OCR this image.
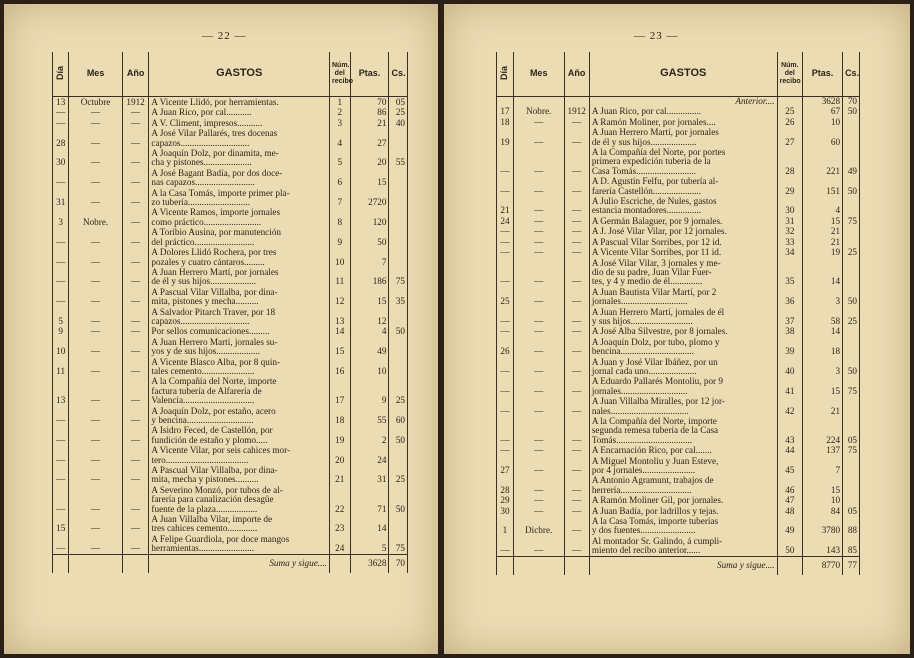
— 22 —
Día	Mes	Año	GASTOS	Núm. del recibo	Ptas.	Cs.
13	Octubre	1912	A Vicente Llidó, por herramientas.	1	70	05
—	—	—	A Juan Rico, por cal...........	2	86	25
—	—	—	A V. Climent, impresos...........	3	21	40
28	—	—	A José Vilar Pallarés, tres docenas
capazos..............................	4	27	
30	—	—	A Joaquín Dolz, por dinamita, me-
cha y pistones.....................	5	20	55
—	—	—	A José Bagant Badía, por dos doce-
nas capazos..........................	6	15	
31	—	—	A la Casa Tomás, importe primer pla-
zo tubería...........................	7	2720	
3	Nobre.	—	A Vicente Ramos, importe jornales
como práctico.........................	8	120	
—	—	—	A Toribio Ausina, por manutención
del práctico..........................	9	50	
—	—	—	A Dolores Llidó Rochera, por tres
pozales y cuatro cántaros.........	10	7	
—	—	—	A Juan Herrero Martí, por jornales
de él y sus hijos....................	11	186	75
—	—	—	A Pascual Vilar Villalba, por dina-
mita, pistones y mecha..........	12	15	35
5	—	—	A Salvador Pitarch Traver, por 18
capazos..............................	13	12	
9	—	—	Por sellos comunicaciones.........	14	4	50
10	—	—	A Juan Herrero Martí, jornales su-
yos y de sus hijos...................	15	49	
11	—	—	A Vicente Blasco Alba, por 8 quin-
tales cemento.......................	16	10	
13	—	—	A la Compañía del Norte, importe
factura tubería de Alfarería de
Valencia...............................	17	9	25
—	—	—	A Joaquín Dolz, por estaño, acero
y bencina.............................	18	55	60
—	—	—	A Isidro Feced, de Castellón, por
fundición de estaño y plomo.....	19	2	50
—	—	—	A Vicente Vilar, por seis cahices mor-
tero....................................	20	24	
—	—	—	A Pascual Vilar Villalba, por dina-
mita, mecha y pistones..........	21	31	25
—	—	—	A Severino Monzó, por tubos de al-
farería para canalización desagüe
fuente de la plaza..................	22	71	50
15	—	—	A Juan Villalba Vilar, importe de
tres cahices cemento.............	23	14	
—	—	—	A Felipe Guardiola, por doce mangos
herramientas........................	24	5	75
			Suma y sigue....		3628	70
— 23 —
Día	Mes	Año	GASTOS	Núm. del recibo	Ptas.	Cs.
			Anterior....		3628	70
17	Nobre.	1912	A Juan Rico, por cal...............	25	67	50
18	—	—	A Ramón Moliner, por jornales....	26	10	
19	—	—	A Juan Herrero Martí, por jornales
de él y sus hijos....................	27	60	
—	—	—	A la Compañía del Norte, por portes
primera expedición tubería de la
Casa Tomás..........................	28	221	49
—	—	—	A D. Agustín Felfu, por tubería al-
farería Castellón.....................	29	151	50
21	—	—	A Julio Escriche, de Nules, gastos
estancia montadores...............	30	4	
24	—	—	A Germán Balaguer, por 9 jornales.	31	15	75
—	—	—	A J. José Vilar Vilar, por 12 jornales.	32	21	
—	—	—	A Pascual Vilar Sorribes, por 12 id.	33	21	
—	—	—	A Vicente Vilar Sorribes, por 11 id.	34	19	25
—	—	—	A José Vilar Vilar, 3 jornales y me-
dio de su padre, Juan Vilar Fuer-
tes, y 4 y medio de él..............	35	14	
25	—	—	A Juan Bautista Vilar Martí, por 2
jornales.............................	36	3	50
—	—	—	A Juan Herrero Martí, jornales de él
y sus hijos...........................	37	58	25
—	—	—	A José Alba Silvestre, por 8 jornales.	38	14	
26	—	—	A Joaquín Dolz, por tubo, plomo y
bencina................................	39	18	
—	—	—	A Juan y José Vilar Ibáñez, por un
jornal cada uno.....................	40	3	50
—	—	—	A Eduardo Pallarés Montolíu, por 9
jornales.............................	41	15	75
—	—	—	A Juan Villalba Miralles, por 12 jor-
nales..................................	42	21	
—	—	—	A la Compañía del Norte, importe
segunda remesa tubería de la Casa
Tomás.................................	43	224	05
—	—	—	A Encarnación Rico, por cal.......	44	137	75
27	—	—	A Miguel Montoliu y Juan Esteve,
por 4 jornales.......................	45	7	
28	—	—	A Antonio Agramunt, trabajos de
herrería...............................	46	15	
29	—	—	A Ramón Moliner Gil, por jornales.	47	10	
30	—	—	A Juan Badía, por ladrillos y tejas.	48	84	05
1	Dicbre.	—	A la Casa Tomás, importe tuberías
y dos fuentes........................	49	3780	88
—	—	—	Al montador Sr. Galindo, á cumpli-
miento del recibo anterior......	50	143	85
			Suma y sigue....		8770	77
